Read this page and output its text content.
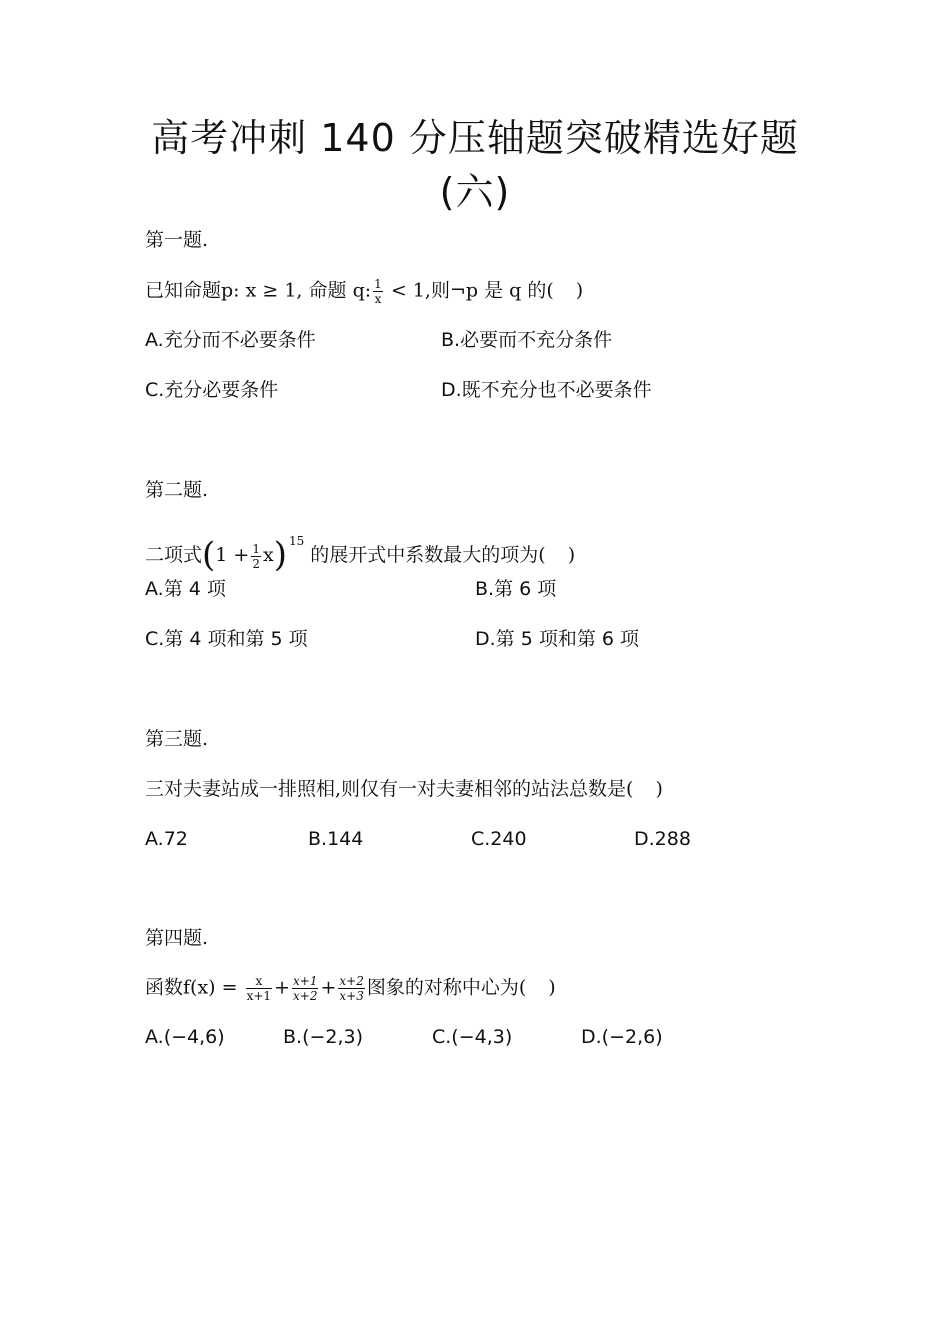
高考冲刺 140 分压轴题突破精选好题
(六)
第一题.
已知命题p: x ≥ 1, 命题 q: $\frac{1}{x} < 1$,则¬p 是 q 的( )
A.充分而不必要条件	B.必要而不充分条件
C.充分必要条件	D.既不充分也不必要条件
第二题.
二项式$(1 + \frac{1}{2} x)$ $^{15}$ 的展开式中系数最大的项为( )
A.第 4 项	B.第 6 项
C.第 4 项和第 5 项	D.第 5 项和第 6 项
第三题.
三对夫妻站成一排照相,则仅有一对夫妻相邻的站法总数是( )
A.72	B.144	C.240	D.288
第四题.
函数$f(x) = \frac{x}{x+1} + \frac{x+1}{x+2} + \frac{x+2}{x+3}$ 图象的对称中心为( )
A.(−4,6)	B.(−2,3)	C.(−4,3)	D.(−2,6)
